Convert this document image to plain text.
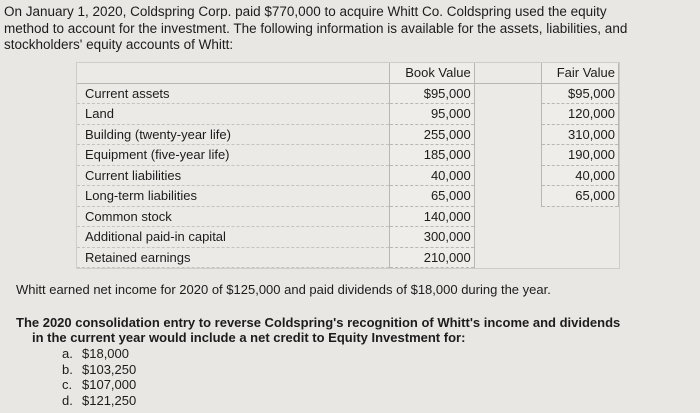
On January 1, 2020, Coldspring Corp. paid $770,000 to acquire Whitt Co. Coldspring used the equity

method to account for the investment. The following information is available for the assets, liabilities, and

stockholders' equity accounts of Whitt:

	Book Value		Fair Value
Current assets	$95,000		$95,000
Land	95,000		120,000
Building (twenty-year life)	255,000		310,000
Equipment (five-year life)	185,000		190,000
Current liabilities	40,000		40,000
Long-term liabilities	65,000		65,000
Common stock	140,000		
Additional paid-in capital	300,000		
Retained earnings	210,000		
Whitt earned net income for 2020 of $125,000 and paid dividends of $18,000 during the year.
The 2020 consolidation entry to reverse Coldspring's recognition of Whitt's income and dividends
in the current year would include a net credit to Equity Investment for:
a. $18,000
b. $103,250
c. $107,000
d. $121,250
